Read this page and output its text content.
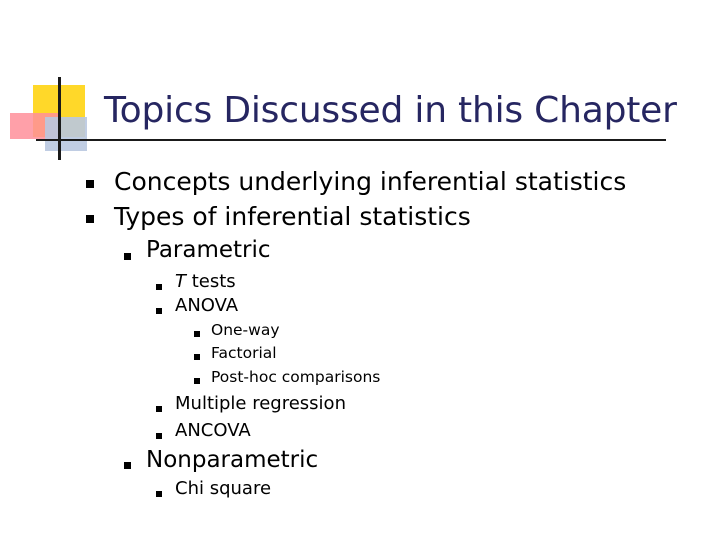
Topics Discussed in this Chapter
Concepts underlying inferential statistics
Types of inferential statistics
Parametric
T tests
ANOVA
One-way
Factorial
Post-hoc comparisons
Multiple regression
ANCOVA
Nonparametric
Chi square
